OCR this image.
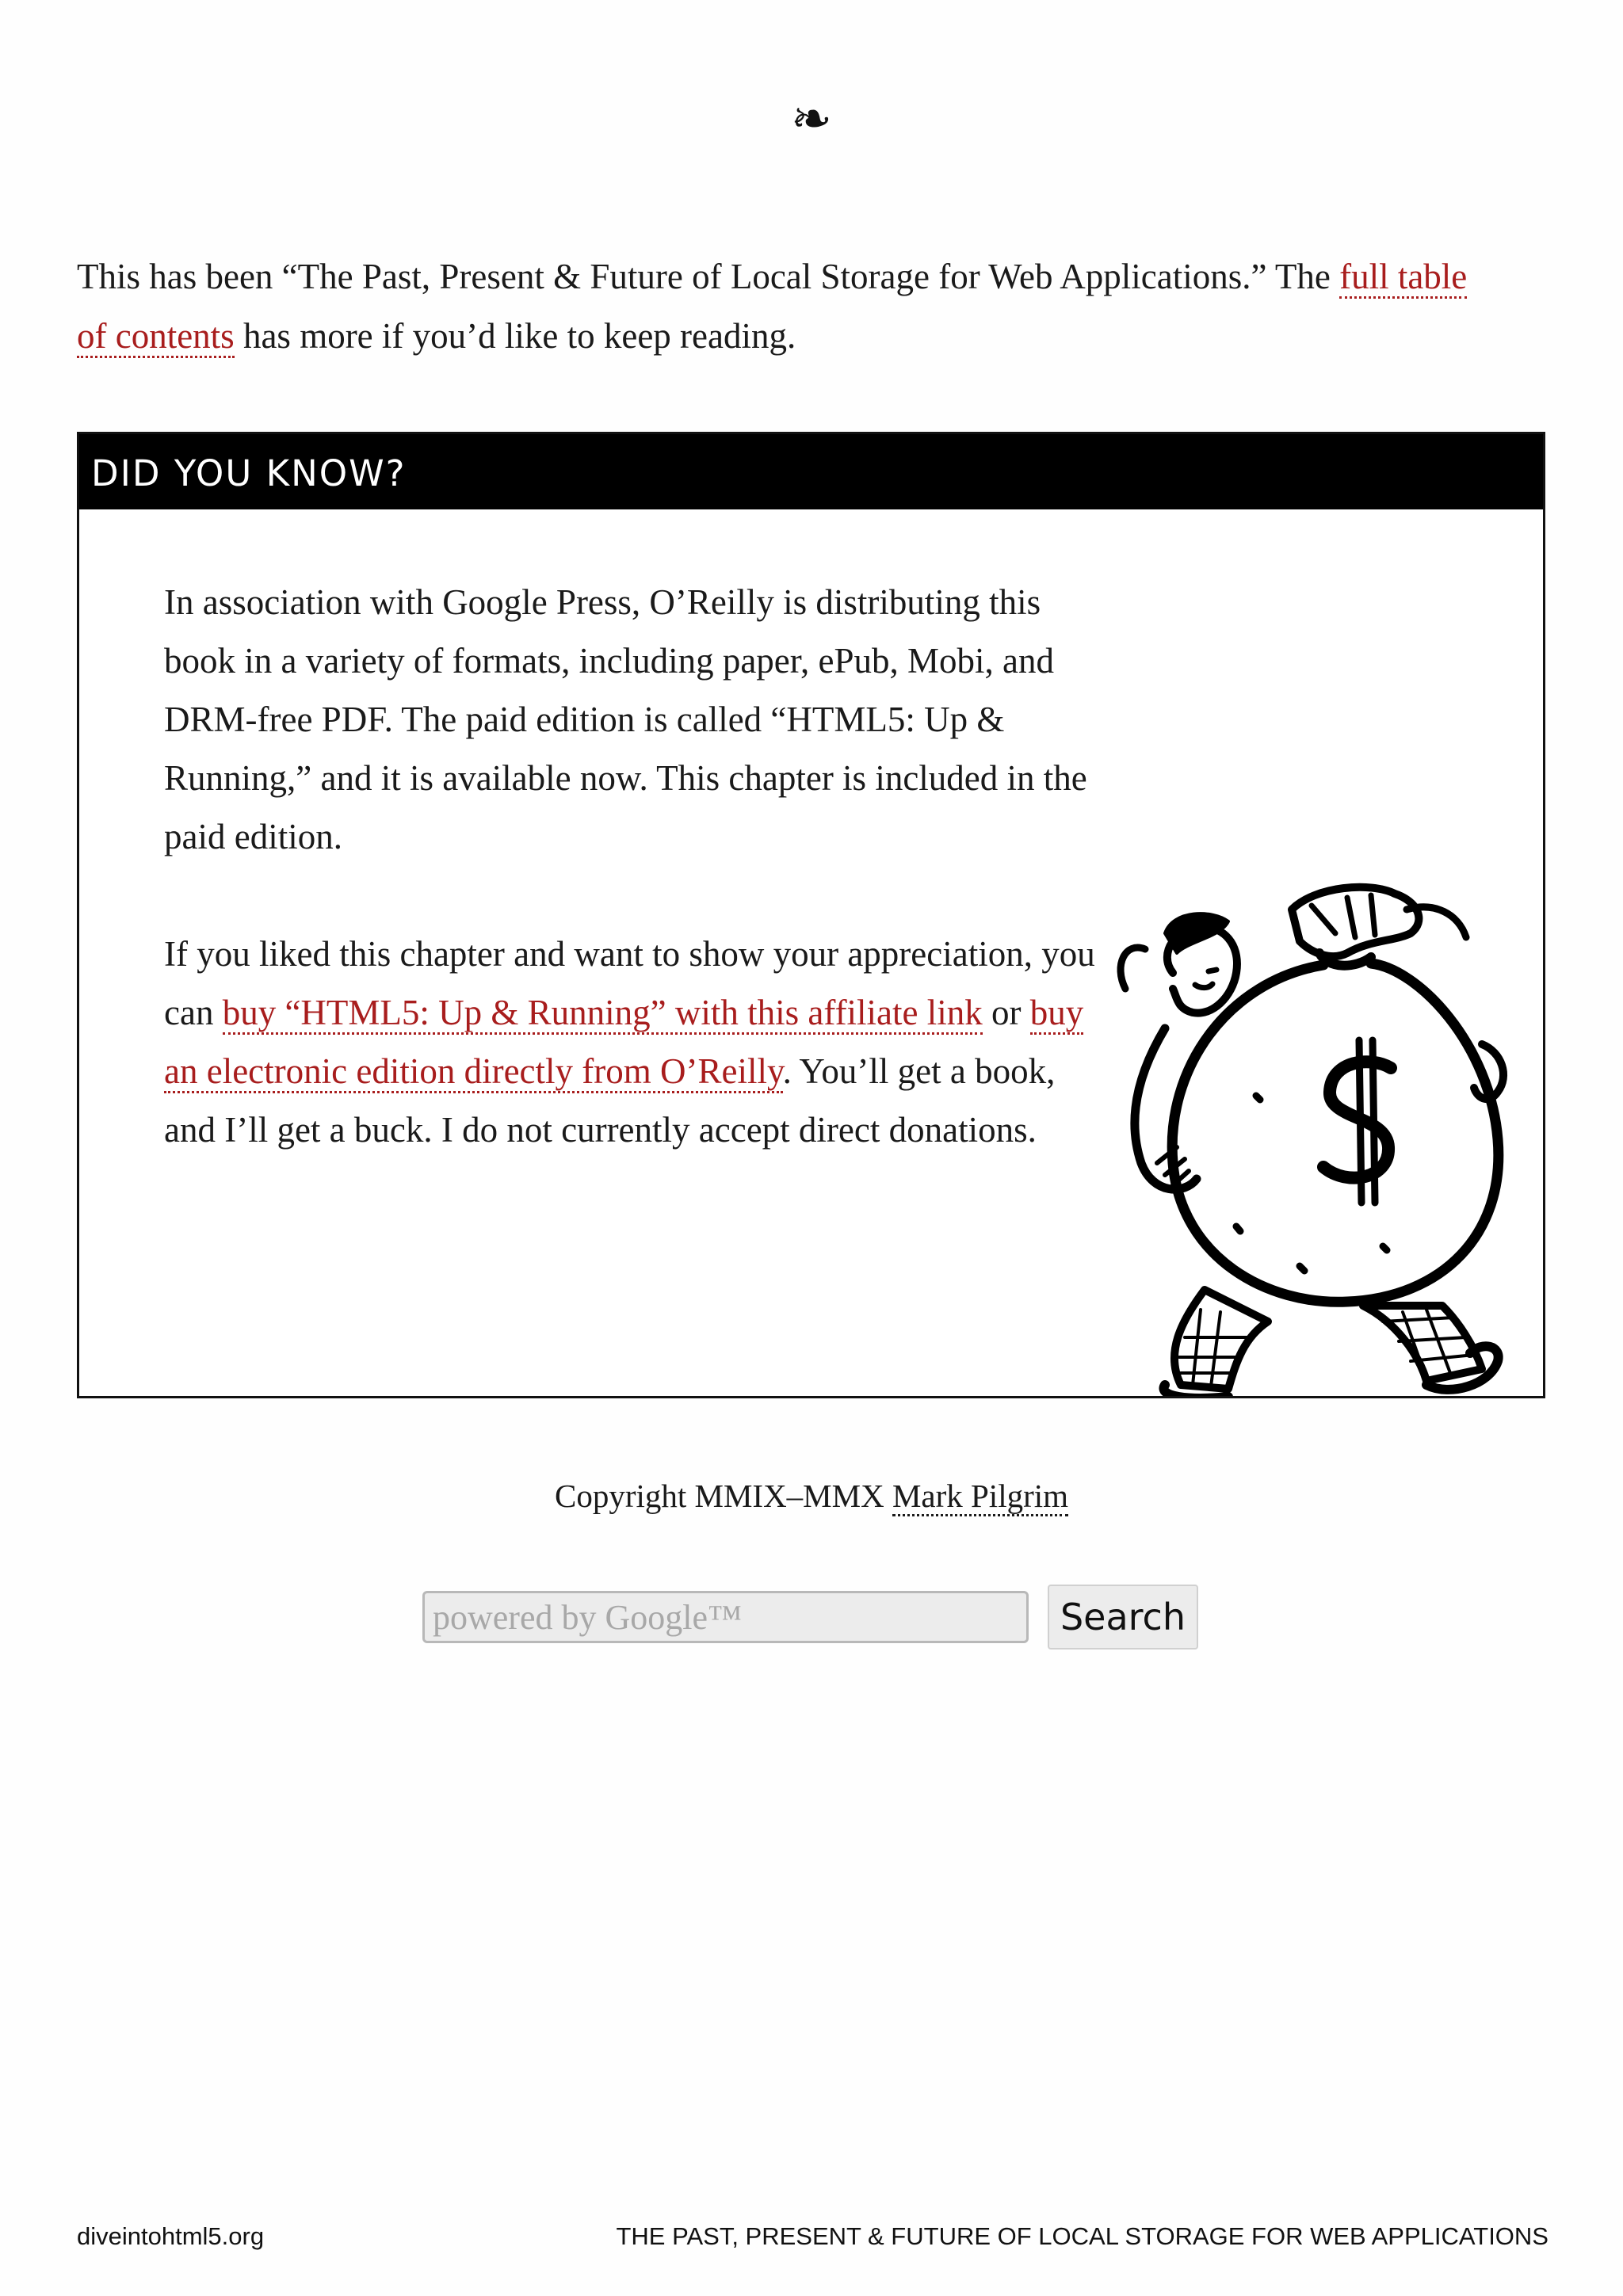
❧

This has been “The Past, Present & Future of Local Storage for Web Applications.” The full table of contents has more if you’d like to keep reading.

DID YOU KNOW?

In association with Google Press, O’Reilly is distributing this book in a variety of formats, including paper, ePub, Mobi, and DRM-free PDF. The paid edition is called “HTML5: Up & Running,” and it is available now. This chapter is included in the paid edition.

If you liked this chapter and want to show your appreciation, you can buy “HTML5: Up & Running” with this affiliate link or buy an electronic edition directly from O’Reilly. You’ll get a book, and I’ll get a buck. I do not currently accept direct donations.

Copyright MMIX–MMX Mark Pilgrim
powered by Google™
Search
diveintohtml5.org	THE PAST, PRESENT & FUTURE OF LOCAL STORAGE FOR WEB APPLICATIONS
